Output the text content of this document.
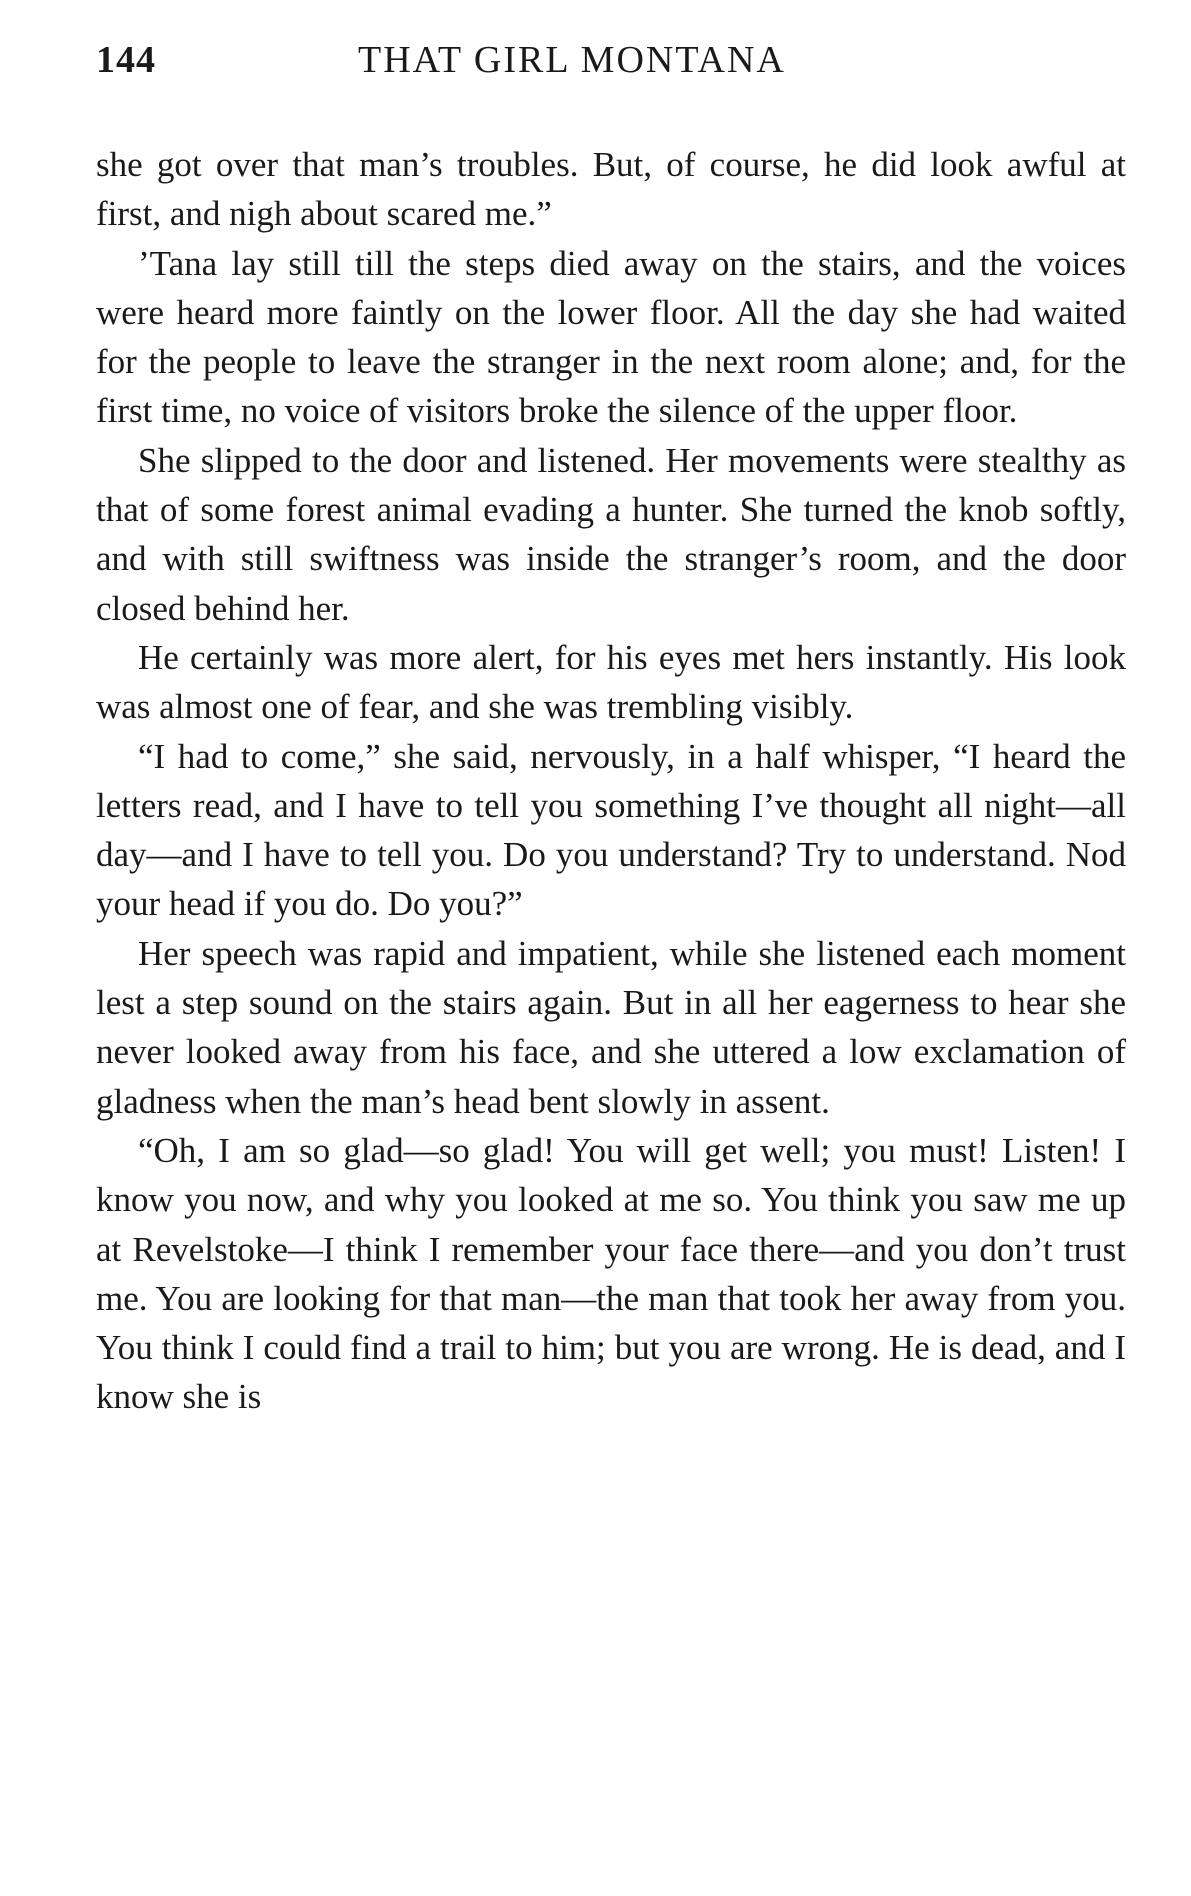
144	THAT GIRL MONTANA

she got over that man’s troubles. But, of course, he did look awful at first, and nigh about scared me.”

’Tana lay still till the steps died away on the stairs, and the voices were heard more faintly on the lower floor. All the day she had waited for the people to leave the stranger in the next room alone; and, for the first time, no voice of visitors broke the silence of the upper floor.

She slipped to the door and listened. Her movements were stealthy as that of some forest animal evading a hunter. She turned the knob softly, and with still swiftness was inside the stranger’s room, and the door closed behind her.

He certainly was more alert, for his eyes met hers instantly. His look was almost one of fear, and she was trembling visibly.

“I had to come,” she said, nervously, in a half whisper, “I heard the letters read, and I have to tell you something I’ve thought all night—all day—and I have to tell you. Do you understand? Try to understand. Nod your head if you do. Do you?”

Her speech was rapid and impatient, while she listened each moment lest a step sound on the stairs again. But in all her eagerness to hear she never looked away from his face, and she uttered a low exclamation of gladness when the man’s head bent slowly in assent.

“Oh, I am so glad—so glad! You will get well; you must! Listen! I know you now, and why you looked at me so. You think you saw me up at Revelstoke—I think I remember your face there—and you don’t trust me. You are looking for that man—the man that took her away from you. You think I could find a trail to him; but you are wrong. He is dead, and I know she is
